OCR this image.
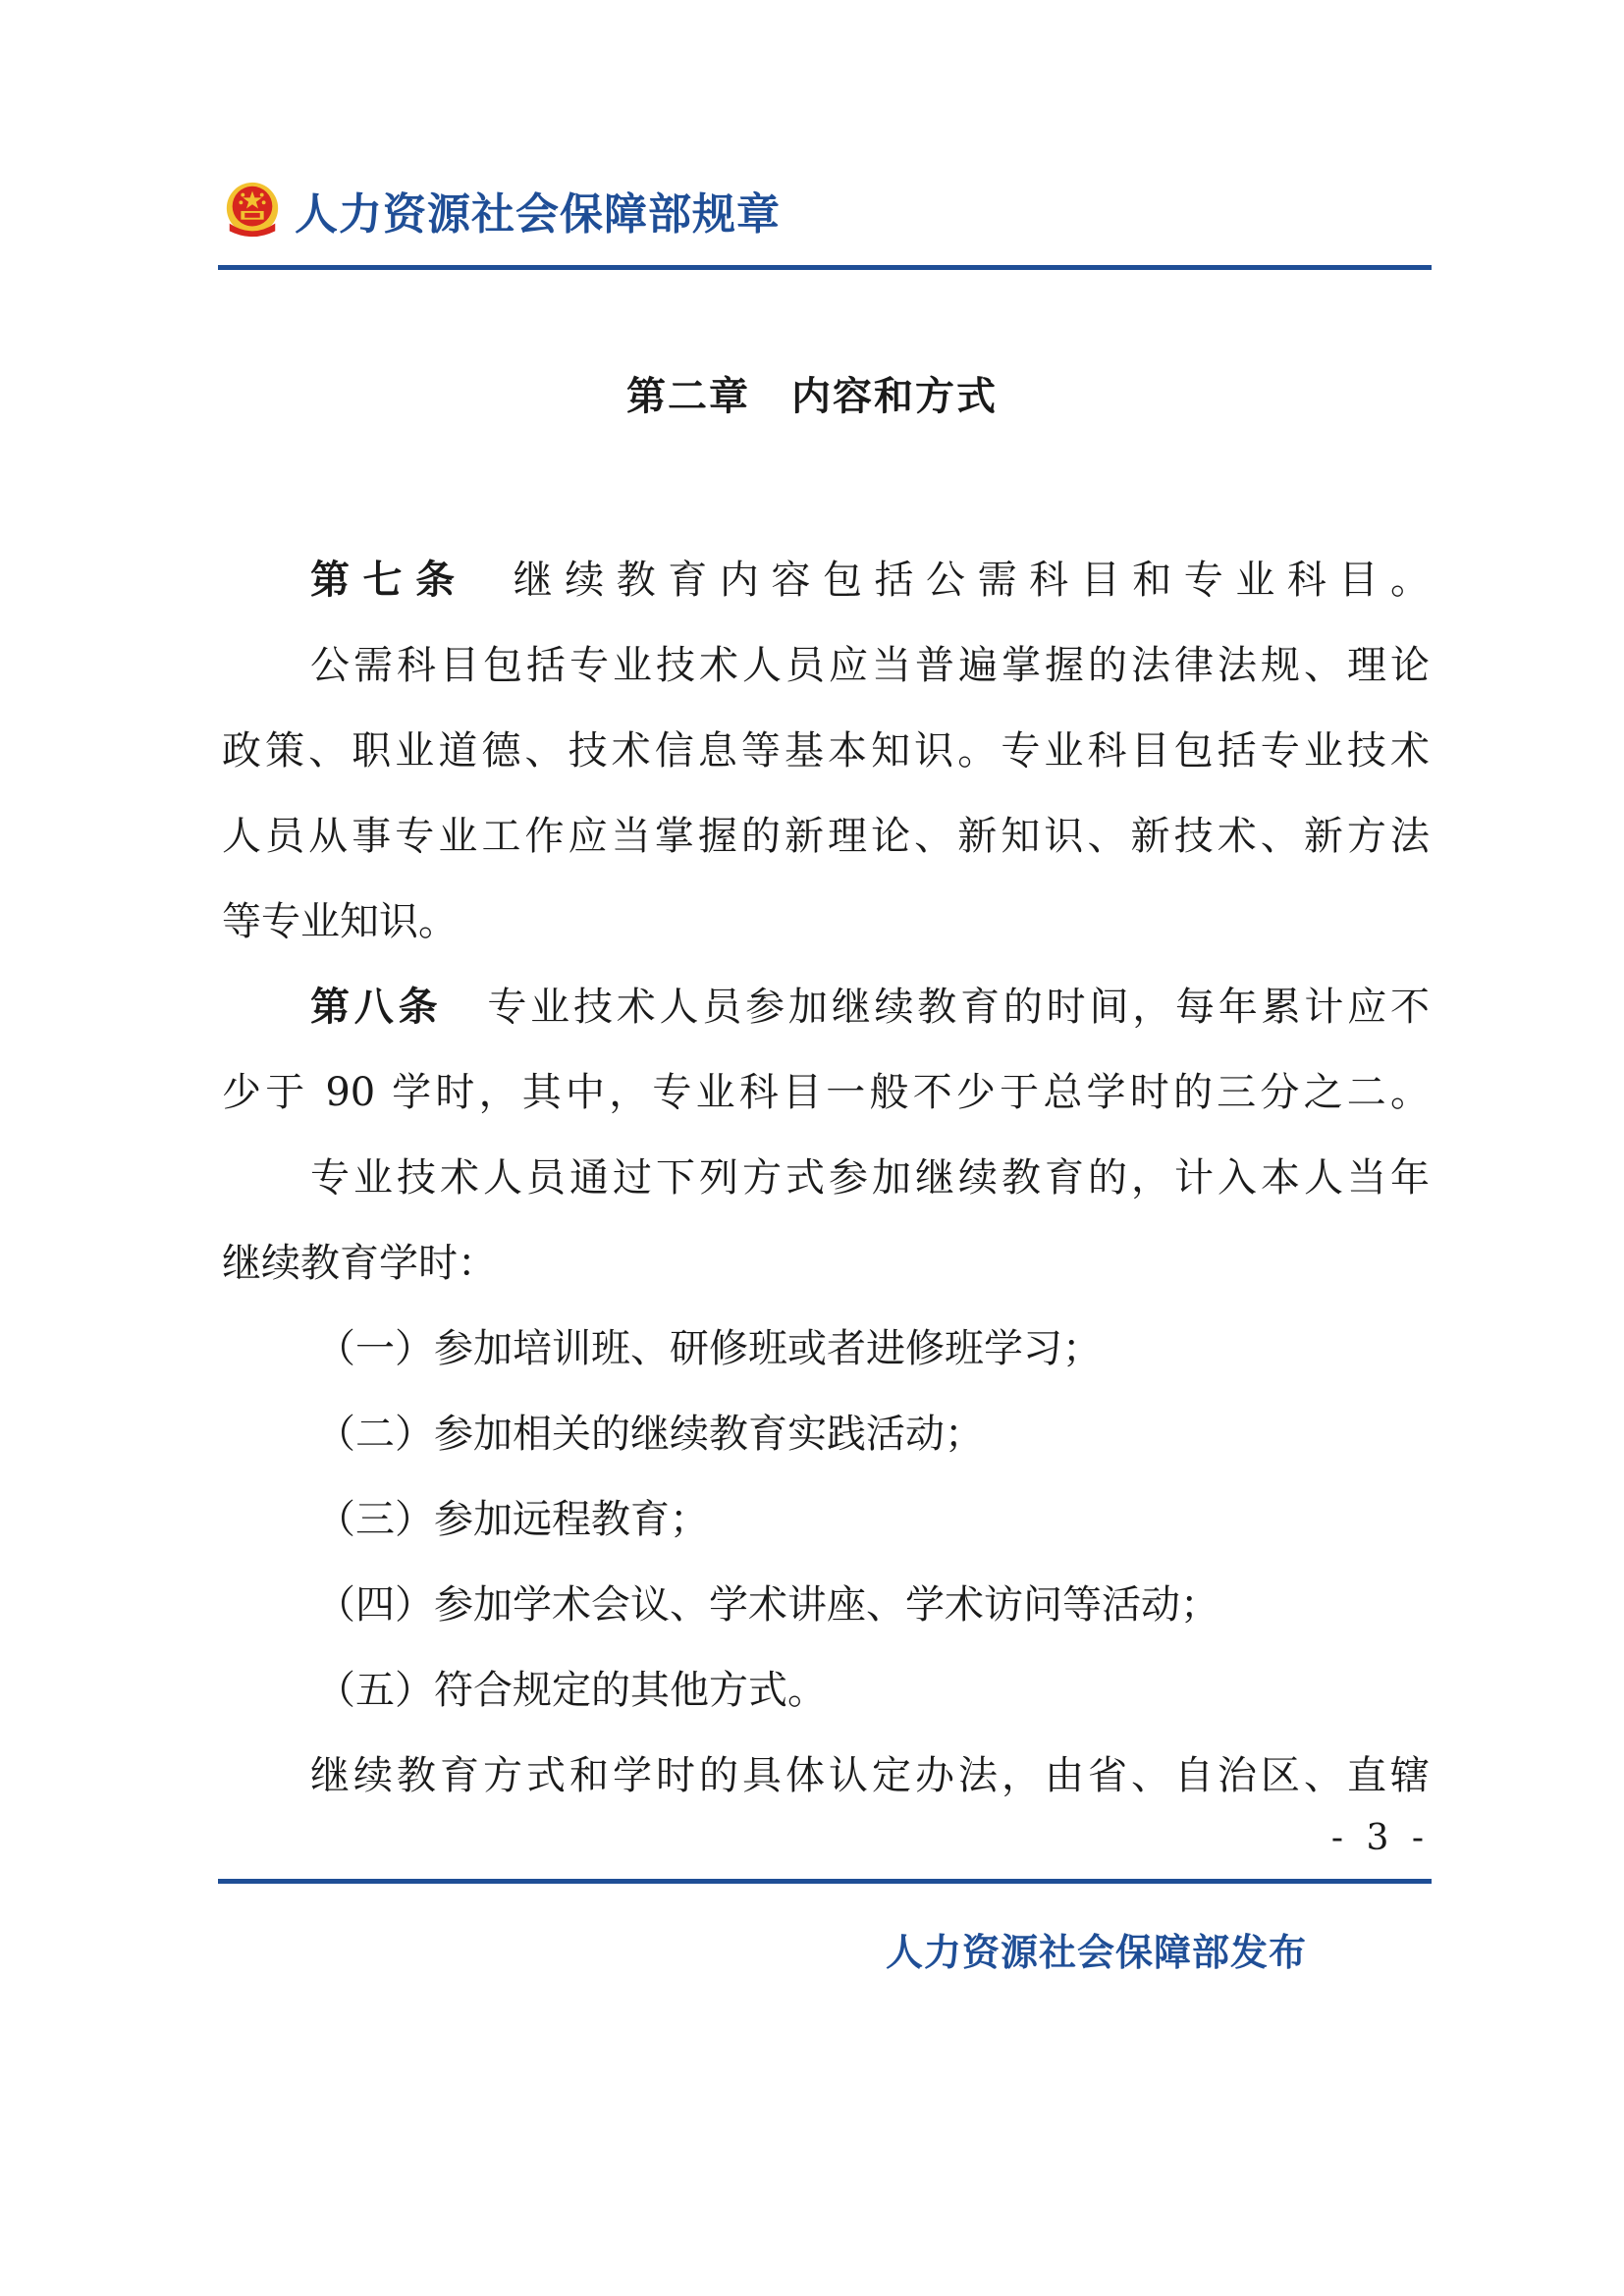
人力资源社会保障部规章
第二章　内容和方式
第七条 继续教育内容包括公需科目和专业科目。
公需科目包括专业技术人员应当普遍掌握的法律法规、理论
政策、职业道德、技术信息等基本知识。专业科目包括专业技术
人员从事专业工作应当掌握的新理论、新知识、新技术、新方法
等专业知识。
第八条 专业技术人员参加继续教育的时间，每年累计应不
少于 90 学时，其中，专业科目一般不少于总学时的三分之二。
专业技术人员通过下列方式参加继续教育的，计入本人当年
继续教育学时：
（一）参加培训班、研修班或者进修班学习；
（二）参加相关的继续教育实践活动；
（三）参加远程教育；
（四）参加学术会议、学术讲座、学术访问等活动；
（五）符合规定的其他方式。
继续教育方式和学时的具体认定办法，由省、自治区、直辖
- 3 -
人力资源社会保障部发布
